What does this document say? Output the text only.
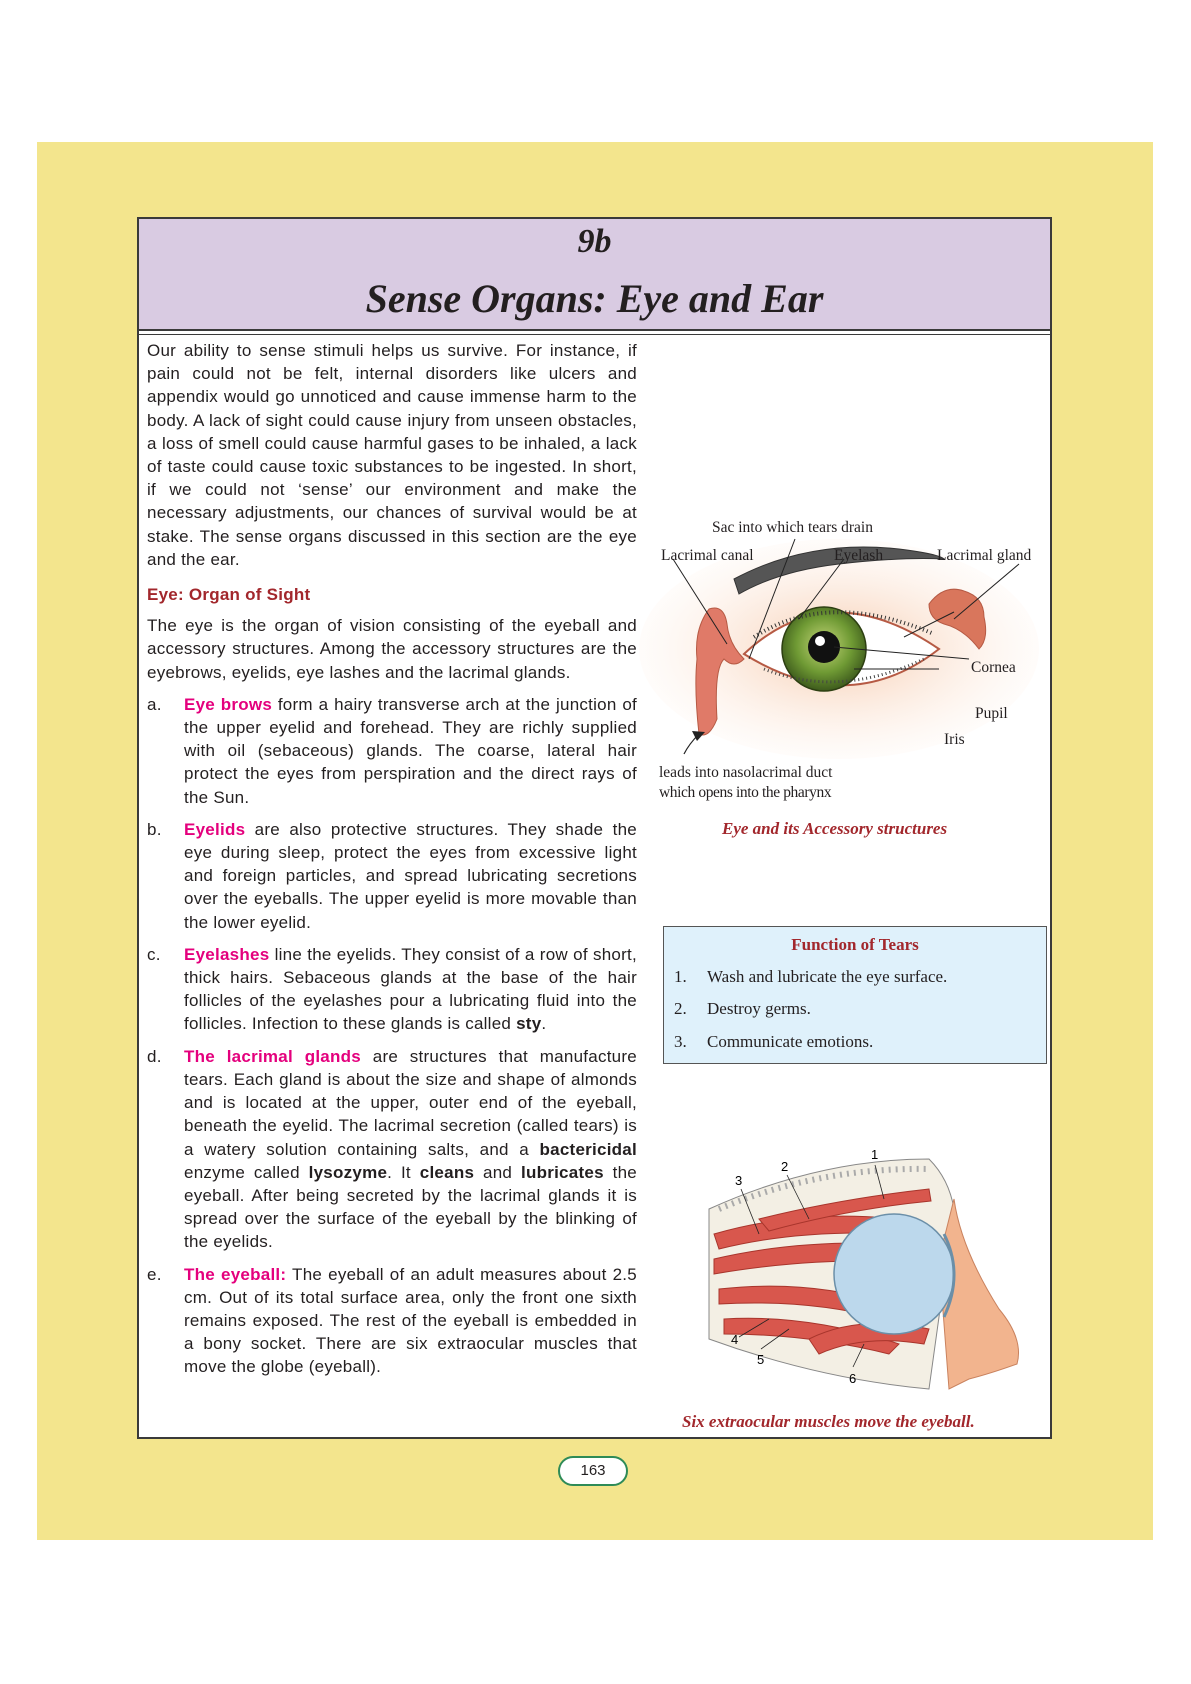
9b
Sense Organs: Eye and Ear

Our ability to sense stimuli helps us survive. For instance, if pain could not be felt, internal disorders like ulcers and appendix would go unnoticed and cause immense harm to the body. A lack of sight could cause injury from unseen obstacles, a loss of smell could cause harmful gases to be inhaled, a lack of taste could cause toxic substances to be ingested. In short, if we could not ‘sense’ our environment and make the necessary adjustments, our chances of survival would be at stake. The sense organs discussed in this section are the eye and the ear.

Eye: Organ of Sight

The eye is the organ of vision consisting of the eyeball and accessory structures. Among the accessory structures are the eyebrows, eyelids, eye lashes and the lacrimal glands.

a. Eye brows form a hairy transverse arch at the junction of the upper eyelid and forehead. They are richly supplied with oil (sebaceous) glands. The coarse, lateral hair protect the eyes from perspiration and the direct rays of the Sun.

b. Eyelids are also protective structures. They shade the eye during sleep, protect the eyes from excessive light and foreign particles, and spread lubricating secretions over the eyeballs. The upper eyelid is more movable than the lower eyelid.

c. Eyelashes line the eyelids. They consist of a row of short, thick hairs. Sebaceous glands at the base of the hair follicles of the eyelashes pour a lubricating fluid into the follicles. Infection to these glands is called sty.

d. The lacrimal glands are structures that manufacture tears. Each gland is about the size and shape of almonds and is located at the upper, outer end of the eyeball, beneath the eyelid. The lacrimal secretion (called tears) is a watery solution containing salts, and a bactericidal enzyme called lysozyme. It cleans and lubricates the eyeball. After being secreted by the lacrimal glands it is spread over the surface of the eyeball by the blinking of the eyelids.

e. The eyeball: The eyeball of an adult measures about 2.5 cm. Out of its total surface area, only the front one sixth remains exposed. The rest of the eyeball is embedded in a bony socket. There are six extraocular muscles that move the globe (eyeball).

Sac into which tears drain
Lacrimal canal	Eyelash	Lacrimal gland
Cornea
Pupil
Iris
leads into nasolacrimal duct
which opens into the pharynx
Eye and its Accessory structures
Function of Tears
1. Wash and lubricate the eye surface.
2. Destroy germs.
3. Communicate emotions.
1
2
3
4
5
6
Six extraocular muscles move the eyeball.
163
